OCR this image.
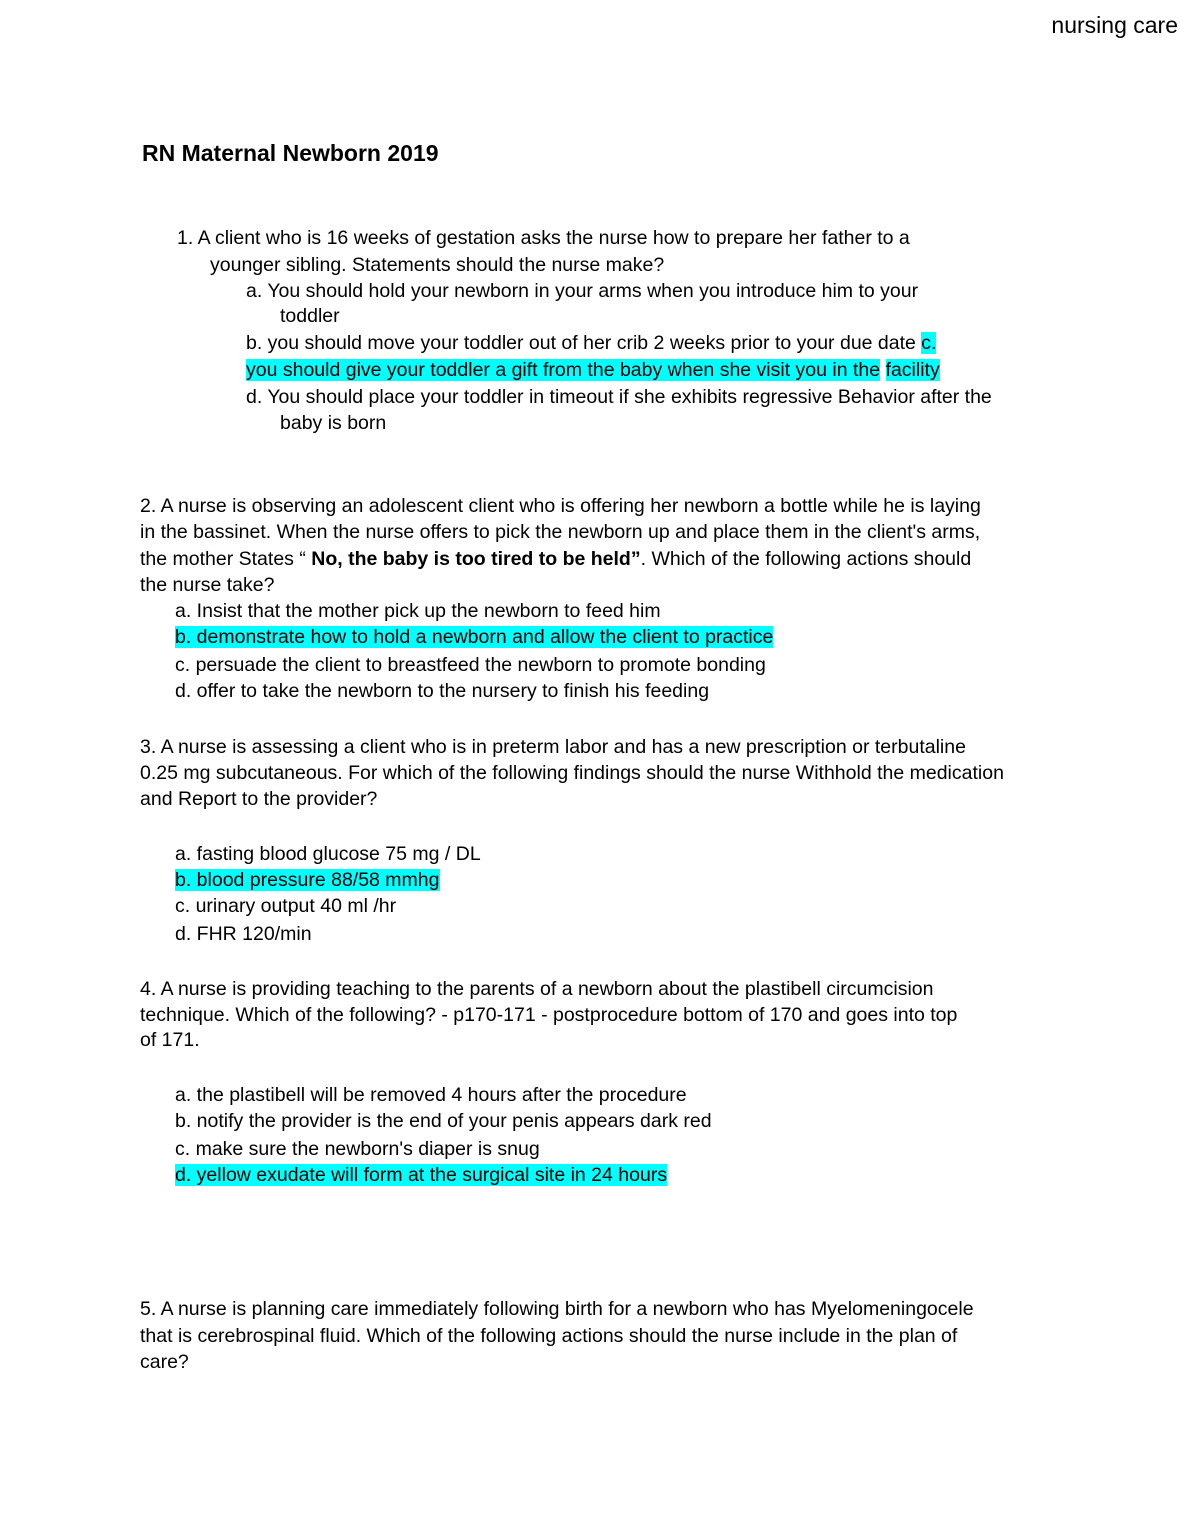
nursing care
RN Maternal Newborn 2019
1. A client who is 16 weeks of gestation asks the nurse how to prepare her father to a
younger sibling. Statements should the nurse make?
a. You should hold your newborn in your arms when you introduce him to your
toddler
b. you should move your toddler out of her crib 2 weeks prior to your due date c.
you should give your toddler a gift from the baby when she visit you in the facility
d. You should place your toddler in timeout if she exhibits regressive Behavior after the
baby is born
2. A nurse is observing an adolescent client who is offering her newborn a bottle while he is laying
in the bassinet. When the nurse offers to pick the newborn up and place them in the client's arms,
the mother States “ No, the baby is too tired to be held”. Which of the following actions should
the nurse take?
a. Insist that the mother pick up the newborn to feed him
b. demonstrate how to hold a newborn and allow the client to practice
c. persuade the client to breastfeed the newborn to promote bonding
d. offer to take the newborn to the nursery to finish his feeding
3. A nurse is assessing a client who is in preterm labor and has a new prescription or terbutaline
0.25 mg subcutaneous. For which of the following findings should the nurse Withhold the medication
and Report to the provider?
a. fasting blood glucose 75 mg / DL
b. blood pressure 88/58 mmhg
c. urinary output 40 ml /hr
d. FHR 120/min
4. A nurse is providing teaching to the parents of a newborn about the plastibell circumcision
technique. Which of the following? - p170-171 - postprocedure bottom of 170 and goes into top
of 171.
a. the plastibell will be removed 4 hours after the procedure
b. notify the provider is the end of your penis appears dark red
c. make sure the newborn's diaper is snug
d. yellow exudate will form at the surgical site in 24 hours
5. A nurse is planning care immediately following birth for a newborn who has Myelomeningocele
that is cerebrospinal fluid. Which of the following actions should the nurse include in the plan of
care?
